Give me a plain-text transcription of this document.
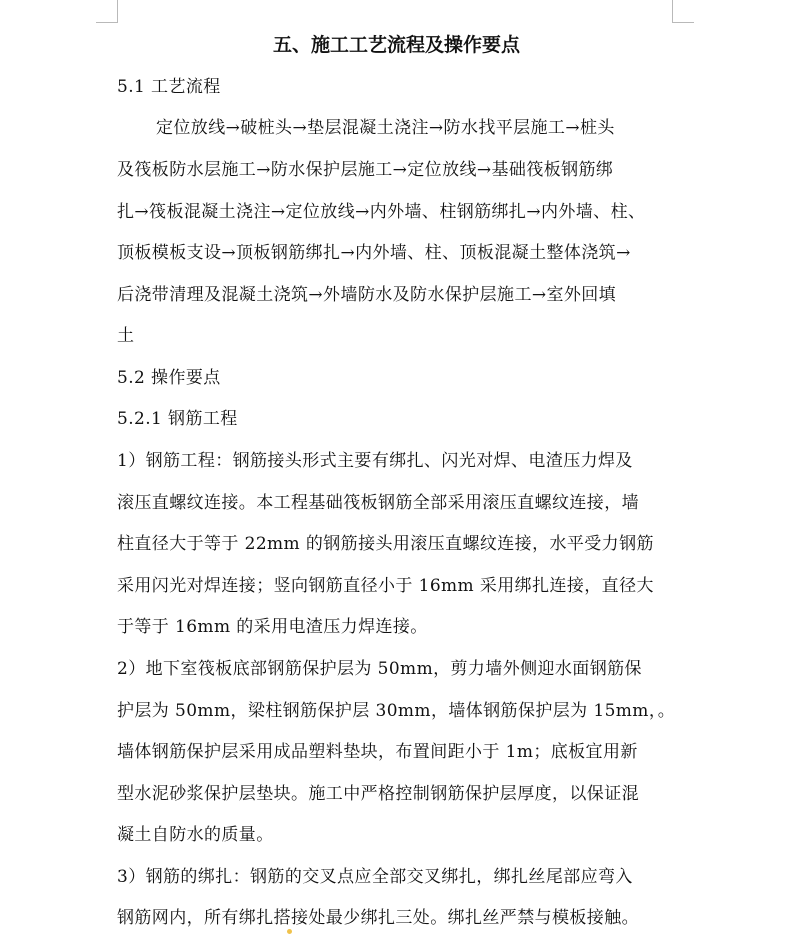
五、施工工艺流程及操作要点
5.1 工艺流程
定位放线→破桩头→垫层混凝土浇注→防水找平层施工→桩头
及筏板防水层施工→防水保护层施工→定位放线→基础筏板钢筋绑
扎→筏板混凝土浇注→定位放线→内外墙、柱钢筋绑扎→内外墙、柱、
顶板模板支设→顶板钢筋绑扎→内外墙、柱、顶板混凝土整体浇筑→
后浇带清理及混凝土浇筑→外墙防水及防水保护层施工→室外回填
土
5.2 操作要点
5.2.1 钢筋工程
1）钢筋工程：钢筋接头形式主要有绑扎、闪光对焊、电渣压力焊及
滚压直螺纹连接。本工程基础筏板钢筋全部采用滚压直螺纹连接，墙
柱直径大于等于 22mm 的钢筋接头用滚压直螺纹连接，水平受力钢筋
采用闪光对焊连接；竖向钢筋直径小于 16mm 采用绑扎连接，直径大
于等于 16mm 的采用电渣压力焊连接。
2）地下室筏板底部钢筋保护层为 50mm，剪力墙外侧迎水面钢筋保
护层为 50mm，梁柱钢筋保护层 30mm，墙体钢筋保护层为 15mm，。
墙体钢筋保护层采用成品塑料垫块，布置间距小于 1m；底板宜用新
型水泥砂浆保护层垫块。施工中严格控制钢筋保护层厚度，以保证混
凝土自防水的质量。
3）钢筋的绑扎：钢筋的交叉点应全部交叉绑扎，绑扎丝尾部应弯入
钢筋网内，所有绑扎搭接处最少绑扎三处。绑扎丝严禁与模板接触。
